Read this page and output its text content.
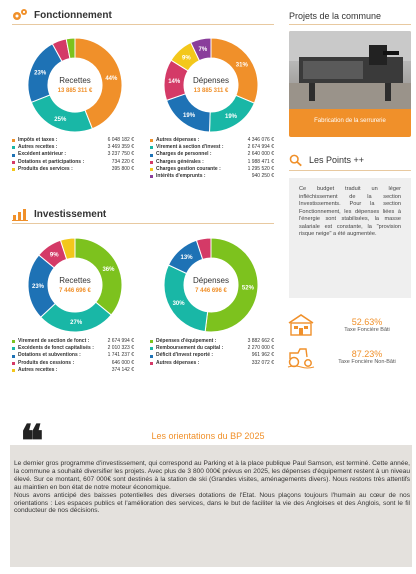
Fonctionnement
44%
25%
23%
Recettes
13 885 311 €
31%
19%
19%
14%
9%
7%
Dépenses
13 885 311 €
Impôts et taxes :	6 048 182 €
Autres recettes :	3 469 359 €
Excédent antérieur :	3 237 750 €
Dotations et participations :	734 220 €
Produits des services :	395 800 €
Autres dépenses :	4 346 076 €
Virement à section d'invest :	2 674 994 €
Charges de personnel :	2 640 000 €
Charges générales :	1 988 471 €
Charges gestion courante :	1 295 520 €
Intérêts d'emprunts :	940 250 €
Investissement
36%
27%
23%
9%
Recettes
7 446 696 €	52%
30%
13%
Dépenses
7 446 696 €
Virement de section de fonct :	2 674 994 €
Excédents de fonct capitalisés :	2 010 323 €
Dotations et subventions :	1 741 237 €
Produits des cessions :	646 000 €
Autres recettes :	374 142 €
Dépenses d'équipement :	3 882 662 €
Remboursement du capital :	2 270 000 €
Déficit d'invest reporté :	961 962 €
Autres dépenses :	332 072 €
Projets de la commune
Fabrication de la serrurerie
Les Points ++
Ce budget traduit un léger infléchissement de la section Investissements. Pour la section Fonctionnement, les dépenses liées à l'énergie sont stabilisées, la masse salariale est constante, la "provision risque neige" a été augmentée.
52.63%
Taxe Foncière Bâti
87.23%
Taxe Foncière Non-Bâti
Les orientations du BP 2025
❝

Le dernier gros programme d'investissement, qui correspond au Parking et à la place publique Paul Samson, est terminé. Cette année, la commune a souhaité diversifier les projets. Avec plus de 3 800 000€ prévus en 2025, les dépenses d'équipement restent à un niveau élevé. Sur ce montant, 607 000€ sont destinés à la station de ski (Grandes visites, aménagements divers). Nous restons très attentifs au maintien en bon état de notre moteur économique.

Nous avons anticipé des baisses potentielles des diverses dotations de l'Etat. Nous plaçons toujours l'humain au cœur de nos orientations : Les espaces publics et l'amélioration des services, dans le but de faciliter la vie des Angloises et des Anglois, sont le fil conducteur de nos décisions.
